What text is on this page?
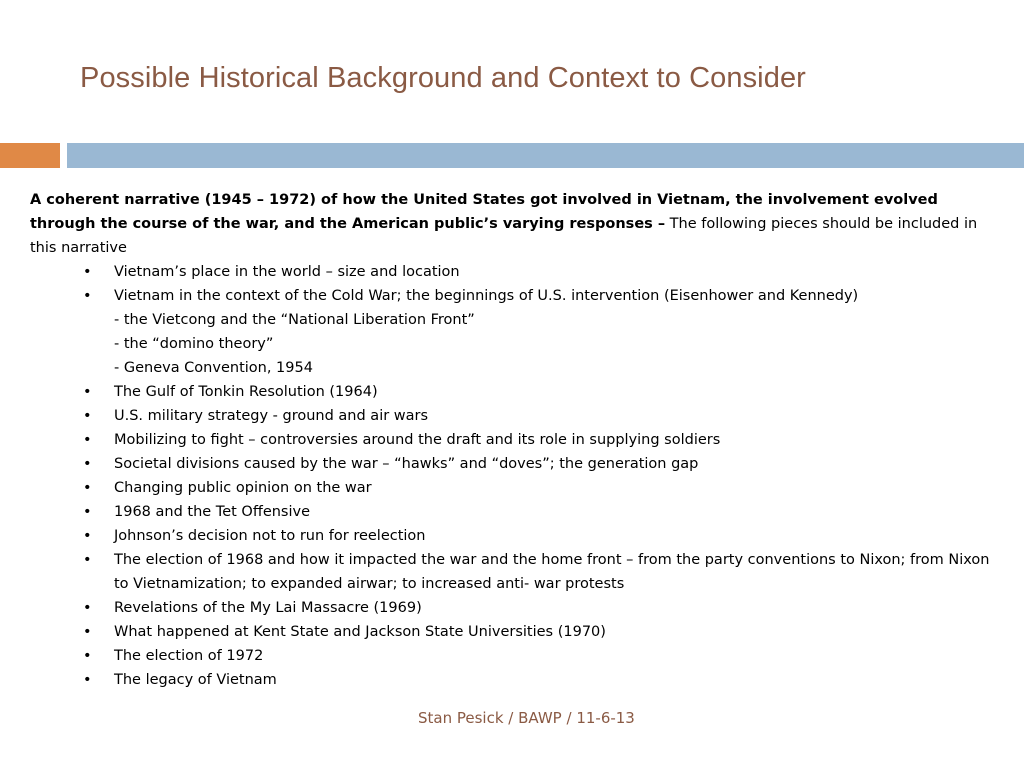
Possible Historical Background and Context to Consider

A coherent narrative (1945 – 1972) of how the United States got involved in Vietnam, the involvement evolved through the course of the war, and the American public’s varying responses – The following pieces should be included in this narrative

• Vietnam’s place in the world – size and location
• Vietnam in the context of the Cold War; the beginnings of U.S. intervention (Eisenhower and Kennedy)
- the Vietcong and the “National Liberation Front”
- the “domino theory”
- Geneva Convention, 1954
• The Gulf of Tonkin Resolution (1964)
• U.S. military strategy - ground and air wars
• Mobilizing to fight – controversies around the draft and its role in supplying soldiers
• Societal divisions caused by the war – “hawks” and “doves”; the generation gap
• Changing public opinion on the war
• 1968 and the Tet Offensive
• Johnson’s decision not to run for reelection
• The election of 1968 and how it impacted the war and the home front – from the party conventions to Nixon; from Nixon to Vietnamization; to expanded airwar; to increased anti- war protests
• Revelations of the My Lai Massacre (1969)
• What happened at Kent State and Jackson State Universities (1970)
• The election of 1972
• The legacy of Vietnam
Stan Pesick / BAWP / 11-6-13
